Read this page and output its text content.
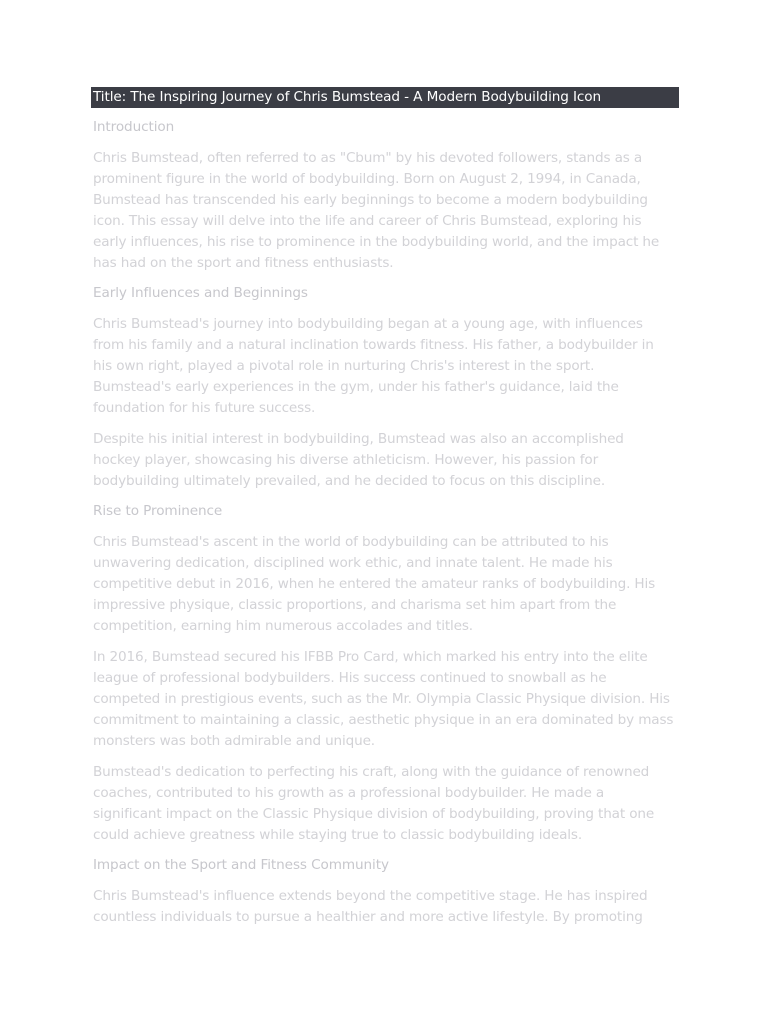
Title: The Inspiring Journey of Chris Bumstead - A Modern Bodybuilding Icon
Introduction
Chris Bumstead, often referred to as "Cbum" by his devoted followers, stands as a prominent figure in the world of bodybuilding. Born on August 2, 1994, in Canada, Bumstead has transcended his early beginnings to become a modern bodybuilding icon. This essay will delve into the life and career of Chris Bumstead, exploring his early influences, his rise to prominence in the bodybuilding world, and the impact he has had on the sport and fitness enthusiasts.
Early Influences and Beginnings
Chris Bumstead's journey into bodybuilding began at a young age, with influences from his family and a natural inclination towards fitness. His father, a bodybuilder in his own right, played a pivotal role in nurturing Chris's interest in the sport. Bumstead's early experiences in the gym, under his father's guidance, laid the foundation for his future success.
Despite his initial interest in bodybuilding, Bumstead was also an accomplished hockey player, showcasing his diverse athleticism. However, his passion for bodybuilding ultimately prevailed, and he decided to focus on this discipline.
Rise to Prominence
Chris Bumstead's ascent in the world of bodybuilding can be attributed to his unwavering dedication, disciplined work ethic, and innate talent. He made his competitive debut in 2016, when he entered the amateur ranks of bodybuilding. His impressive physique, classic proportions, and charisma set him apart from the competition, earning him numerous accolades and titles.
In 2016, Bumstead secured his IFBB Pro Card, which marked his entry into the elite league of professional bodybuilders. His success continued to snowball as he competed in prestigious events, such as the Mr. Olympia Classic Physique division. His commitment to maintaining a classic, aesthetic physique in an era dominated by mass monsters was both admirable and unique.
Bumstead's dedication to perfecting his craft, along with the guidance of renowned coaches, contributed to his growth as a professional bodybuilder. He made a significant impact on the Classic Physique division of bodybuilding, proving that one could achieve greatness while staying true to classic bodybuilding ideals.
Impact on the Sport and Fitness Community
Chris Bumstead's influence extends beyond the competitive stage. He has inspired countless individuals to pursue a healthier and more active lifestyle. By promoting
